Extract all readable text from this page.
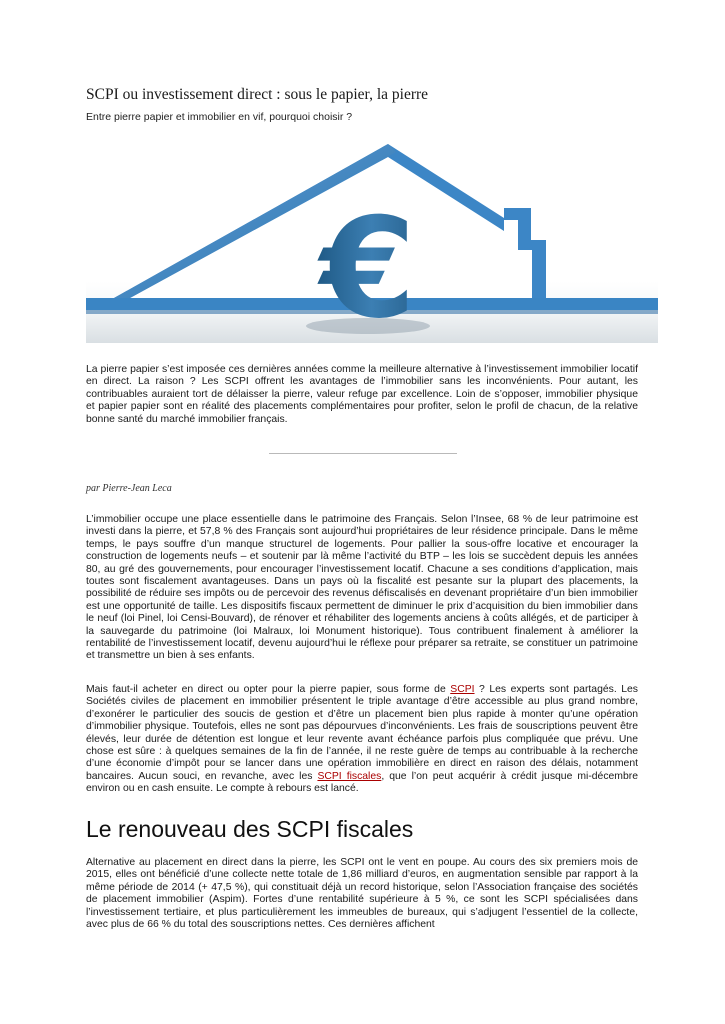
SCPI ou investissement direct : sous le papier, la pierre
Entre pierre papier et immobilier en vif, pourquoi choisir ?
€
La pierre papier s’est imposée ces dernières années comme la meilleure alternative à l’investissement immobilier locatif en direct. La raison ? Les SCPI offrent les avantages de l’immobilier sans les inconvénients. Pour autant, les contribuables auraient tort de délaisser la pierre, valeur refuge par excellence. Loin de s’opposer, immobilier physique et papier papier sont en réalité des placements complémentaires pour profiter, selon le profil de chacun, de la relative bonne santé du marché immobilier français.
par Pierre-Jean Leca
L’immobilier occupe une place essentielle dans le patrimoine des Français. Selon l’Insee, 68 % de leur patrimoine est investi dans la pierre, et 57,8 % des Français sont aujourd’hui propriétaires de leur résidence principale. Dans le même temps, le pays souffre d’un manque structurel de logements. Pour pallier la sous-offre locative et encourager la construction de logements neufs – et soutenir par là même l’activité du BTP – les lois se succèdent depuis les années 80, au gré des gouvernements, pour encourager l’investissement locatif. Chacune a ses conditions d’application, mais toutes sont fiscalement avantageuses. Dans un pays où la fiscalité est pesante sur la plupart des placements, la possibilité de réduire ses impôts ou de percevoir des revenus défiscalisés en devenant propriétaire d’un bien immobilier est une opportunité de taille. Les dispositifs fiscaux permettent de diminuer le prix d’acquisition du bien immobilier dans le neuf (loi Pinel, loi Censi-Bouvard), de rénover et réhabiliter des logements anciens à coûts allégés, et de participer à la sauvegarde du patrimoine (loi Malraux, loi Monument historique). Tous contribuent finalement à améliorer la rentabilité de l’investissement locatif, devenu aujourd’hui le réflexe pour préparer sa retraite, se constituer un patrimoine et transmettre un bien à ses enfants.
Mais faut-il acheter en direct ou opter pour la pierre papier, sous forme de SCPI ? Les experts sont partagés. Les Sociétés civiles de placement en immobilier présentent le triple avantage d’être accessible au plus grand nombre, d’exonérer le particulier des soucis de gestion et d’être un placement bien plus rapide à monter qu’une opération d’immobilier physique. Toutefois, elles ne sont pas dépourvues d’inconvénients. Les frais de souscriptions peuvent être élevés, leur durée de détention est longue et leur revente avant échéance parfois plus compliquée que prévu. Une chose est sûre : à quelques semaines de la fin de l’année, il ne reste guère de temps au contribuable à la recherche d’une économie d’impôt pour se lancer dans une opération immobilière en direct en raison des délais, notamment bancaires. Aucun souci, en revanche, avec les SCPI fiscales, que l’on peut acquérir à crédit jusque mi-décembre environ ou en cash ensuite. Le compte à rebours est lancé.
Le renouveau des SCPI fiscales
Alternative au placement en direct dans la pierre, les SCPI ont le vent en poupe. Au cours des six premiers mois de 2015, elles ont bénéficié d’une collecte nette totale de 1,86 milliard d’euros, en augmentation sensible par rapport à la même période de 2014 (+ 47,5 %), qui constituait déjà un record historique, selon l’Association française des sociétés de placement immobilier (Aspim). Fortes d’une rentabilité supérieure à 5 %, ce sont les SCPI spécialisées dans l’investissement tertiaire, et plus particulièrement les immeubles de bureaux, qui s’adjugent l’essentiel de la collecte, avec plus de 66 % du total des souscriptions nettes. Ces dernières affichent
